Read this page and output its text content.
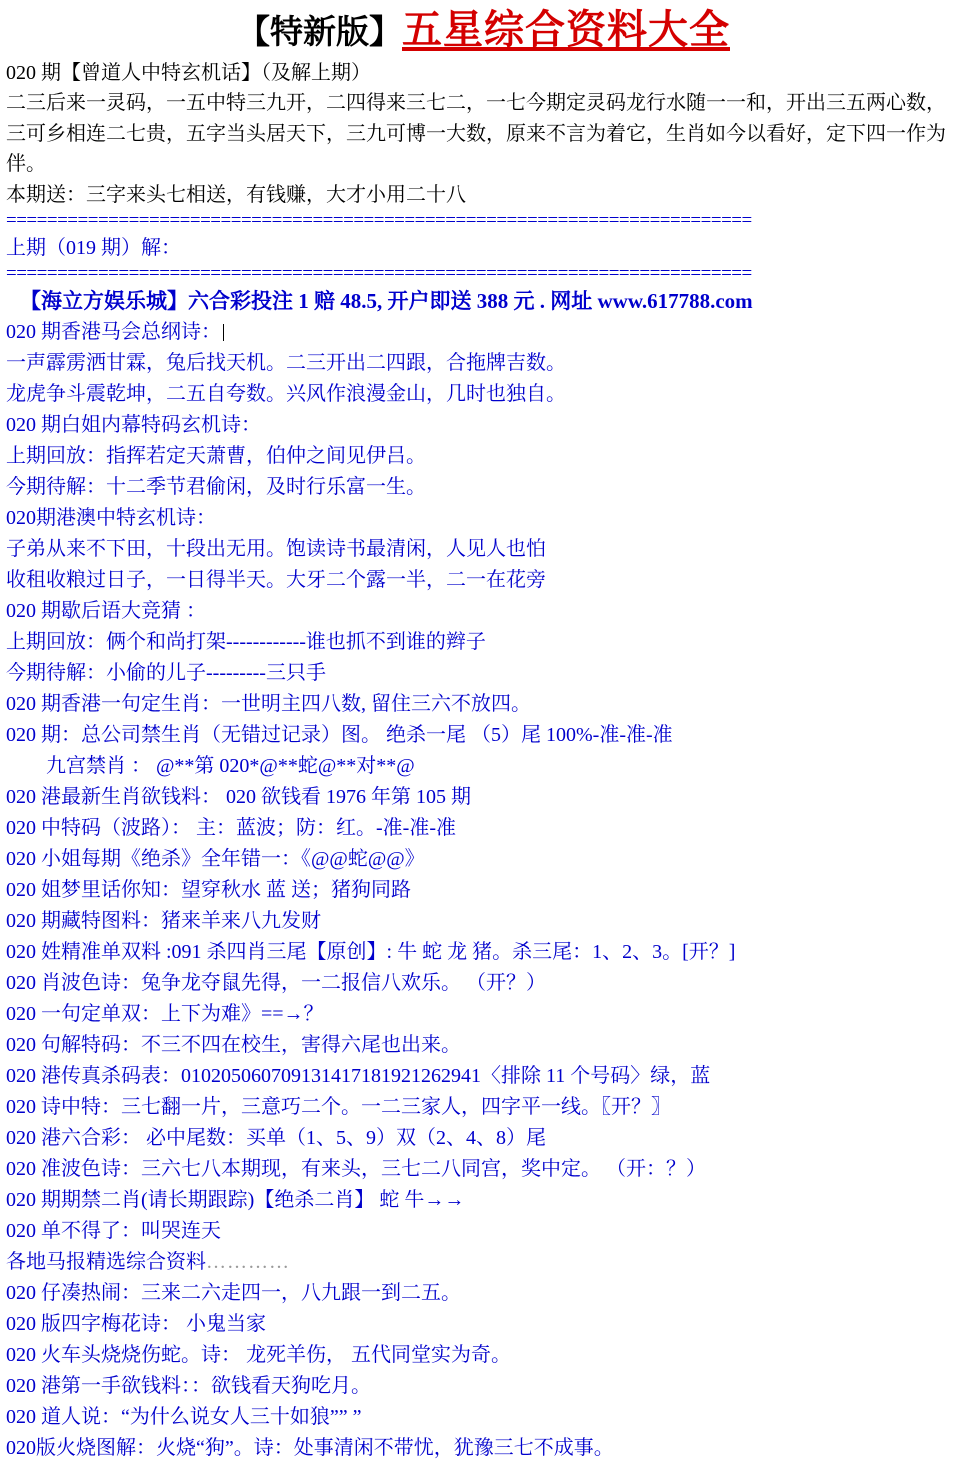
【特新版】五星综合资料大全
020 期【曾道人中特玄机话】（及解上期）
二三后来一灵码，一五中特三九开，二四得来三七二，一七今期定灵码龙行水随一一和，开出三五两心数，三可乡相连二七贵，五字当头居天下，三九可博一大数，原来不言为着它，生肖如今以看好，定下四一作为伴。
本期送：三字来头七相送，有钱赚，大才小用二十八
=========================================================================
上期（019 期）解：
=========================================================================
【海立方娱乐城】六合彩投注 1 赔 48.5, 开户即送 388 元 . 网址 www.617788.com
020 期香港马会总纲诗：
一声霹雳洒甘霖，兔后找天机。二三开出二四跟，合拖牌吉数。
龙虎争斗震乾坤，二五自夸数。兴风作浪漫金山，几时也独自。
020 期白姐内幕特码玄机诗：
上期回放：指挥若定天萧曹，伯仲之间见伊吕。
今期待解：十二季节君偷闲，及时行乐富一生。
020期港澳中特玄机诗：
子弟从来不下田，十段出无用。饱读诗书最清闲，人见人也怕
收租收粮过日子，一日得半天。大牙二个露一半，二一在花旁
020 期歇后语大竞猜 ：
上期回放：俩个和尚打架------------谁也抓不到谁的辫子
今期待解：小偷的儿子---------三只手
020 期香港一句定生肖：一世明主四八数, 留住三六不放四。
020 期：总公司禁生肖（无错过记录）图。 绝杀一尾 （5）尾 100%-准-准-准
九宫禁肖 ： @**第 020*@**蛇@**对**@
020 港最新生肖欲钱料： 020 欲钱看 1976 年第 105 期
020 中特码（波路）： 主：蓝波；防：红。-准-准-准
020 小姐每期《绝杀》全年错一：《@@蛇@@》
020 姐梦里话你知：望穿秋水 蓝 送；猪狗同路
020 期藏特图料：猪来羊来八九发财
020 姓精准单双料 :091 杀四肖三尾【原创】: 牛 蛇 龙 猪。杀三尾：1、2、3。[开？]
020 肖波色诗：兔争龙夺鼠先得，一二报信八欢乐。 （开？）
020 一句定单双：上下为难》==→？
020 句解特码：不三不四在校生，害得六尾也出来。
020 港传真杀码表：010205060709131417181921262941〈排除 11 个号码〉绿，蓝
020 诗中特：三七翻一片，三意巧二个。一二三家人，四字平一线。〖开？〗
020 港六合彩： 必中尾数：买单（1、5、9）双（2、4、8）尾
020 准波色诗：三六七八本期现，有来头，三七二八同宫，奖中定。 （开：？）
020 期期禁二肖(请长期跟踪)【绝杀二肖】 蛇 牛→→
020 单不得了：叫哭连天
各地马报精选综合资料…………
020 仔凑热闹：三来二六走四一，八九跟一到二五。
020 版四字梅花诗： 小鬼当家
020 火车头烧烧伤蛇。诗： 龙死羊伤， 五代同堂实为奇。
020 港第一手欲钱料：：欲钱看天狗吃月。
020 道人说：“为什么说女人三十如狼”” ”
020版火烧图解：火烧“狗”。诗：处事清闲不带忧，犹豫三七不成事。
